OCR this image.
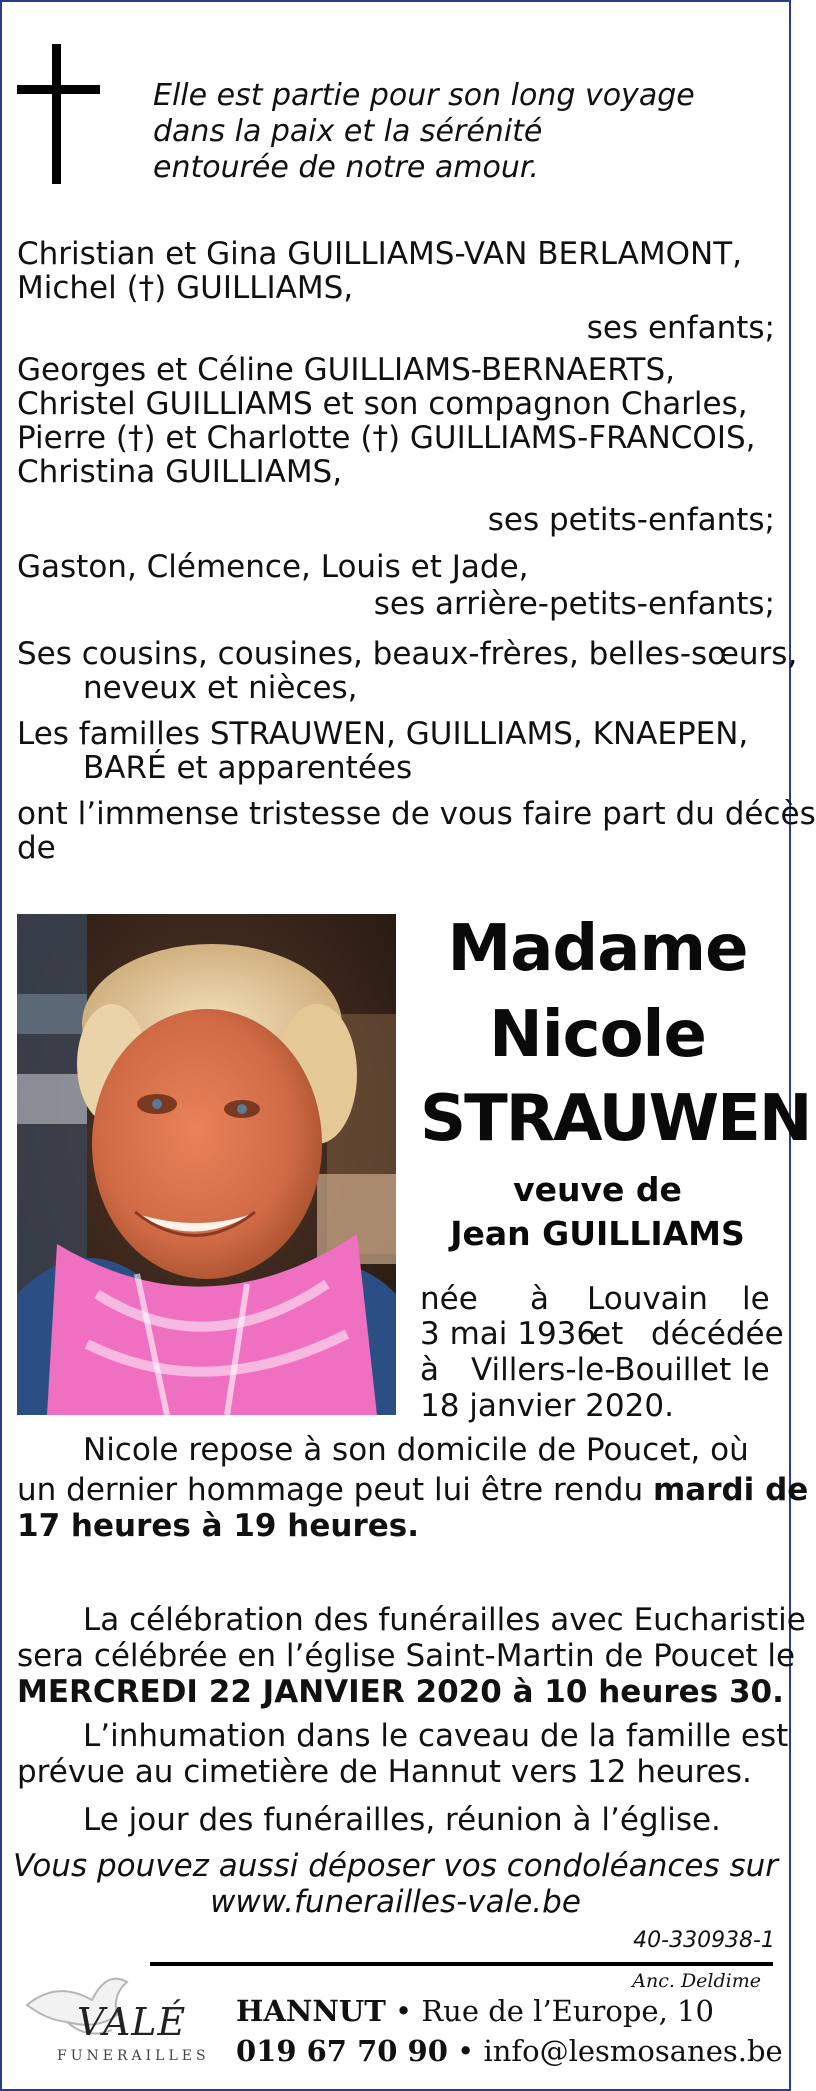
Elle est partie pour son long voyage
dans la paix et la sérénité
entourée de notre amour.
Christian et Gina GUILLIAMS-VAN BERLAMONT,
Michel (†) GUILLIAMS,
ses enfants;
Georges et Céline GUILLIAMS-BERNAERTS,
Christel GUILLIAMS et son compagnon Charles,
Pierre (†) et Charlotte (†) GUILLIAMS-FRANCOIS,
Christina GUILLIAMS,
ses petits-enfants;
Gaston, Clémence, Louis et Jade,
ses arrière-petits-enfants;
Ses cousins, cousines, beaux-frères, belles-sœurs,
neveux et nièces,
Les familles STRAUWEN, GUILLIAMS, KNAEPEN,
BARÉ et apparentées
ont l’immense tristesse de vous faire part du décès
de
Madame
Nicole
STRAUWEN
veuve de
Jean GUILLIAMS
née à Louvain le
3 mai 1936
et décédée
à Villers-le-Bouillet le
18 janvier 2020.
Nicole repose à son domicile de Poucet, où
un dernier hommage peut lui être rendu mardi de
17 heures à 19 heures.
La célébration des funérailles avec Eucharistie
sera célébrée en l’église Saint-Martin de Poucet le
MERCREDI 22 JANVIER 2020 à 10 heures 30.
L’inhumation dans le caveau de la famille est
prévue au cimetière de Hannut vers 12 heures.
Le jour des funérailles, réunion à l’église.
Vous pouvez aussi déposer vos condoléances sur
www.funerailles-vale.be
40-330938-1
Anc. Deldime
VALÉ
FUNERAILLES
HANNUT • Rue de l’Europe, 10
019 67 70 90 • info@lesmosanes.be
